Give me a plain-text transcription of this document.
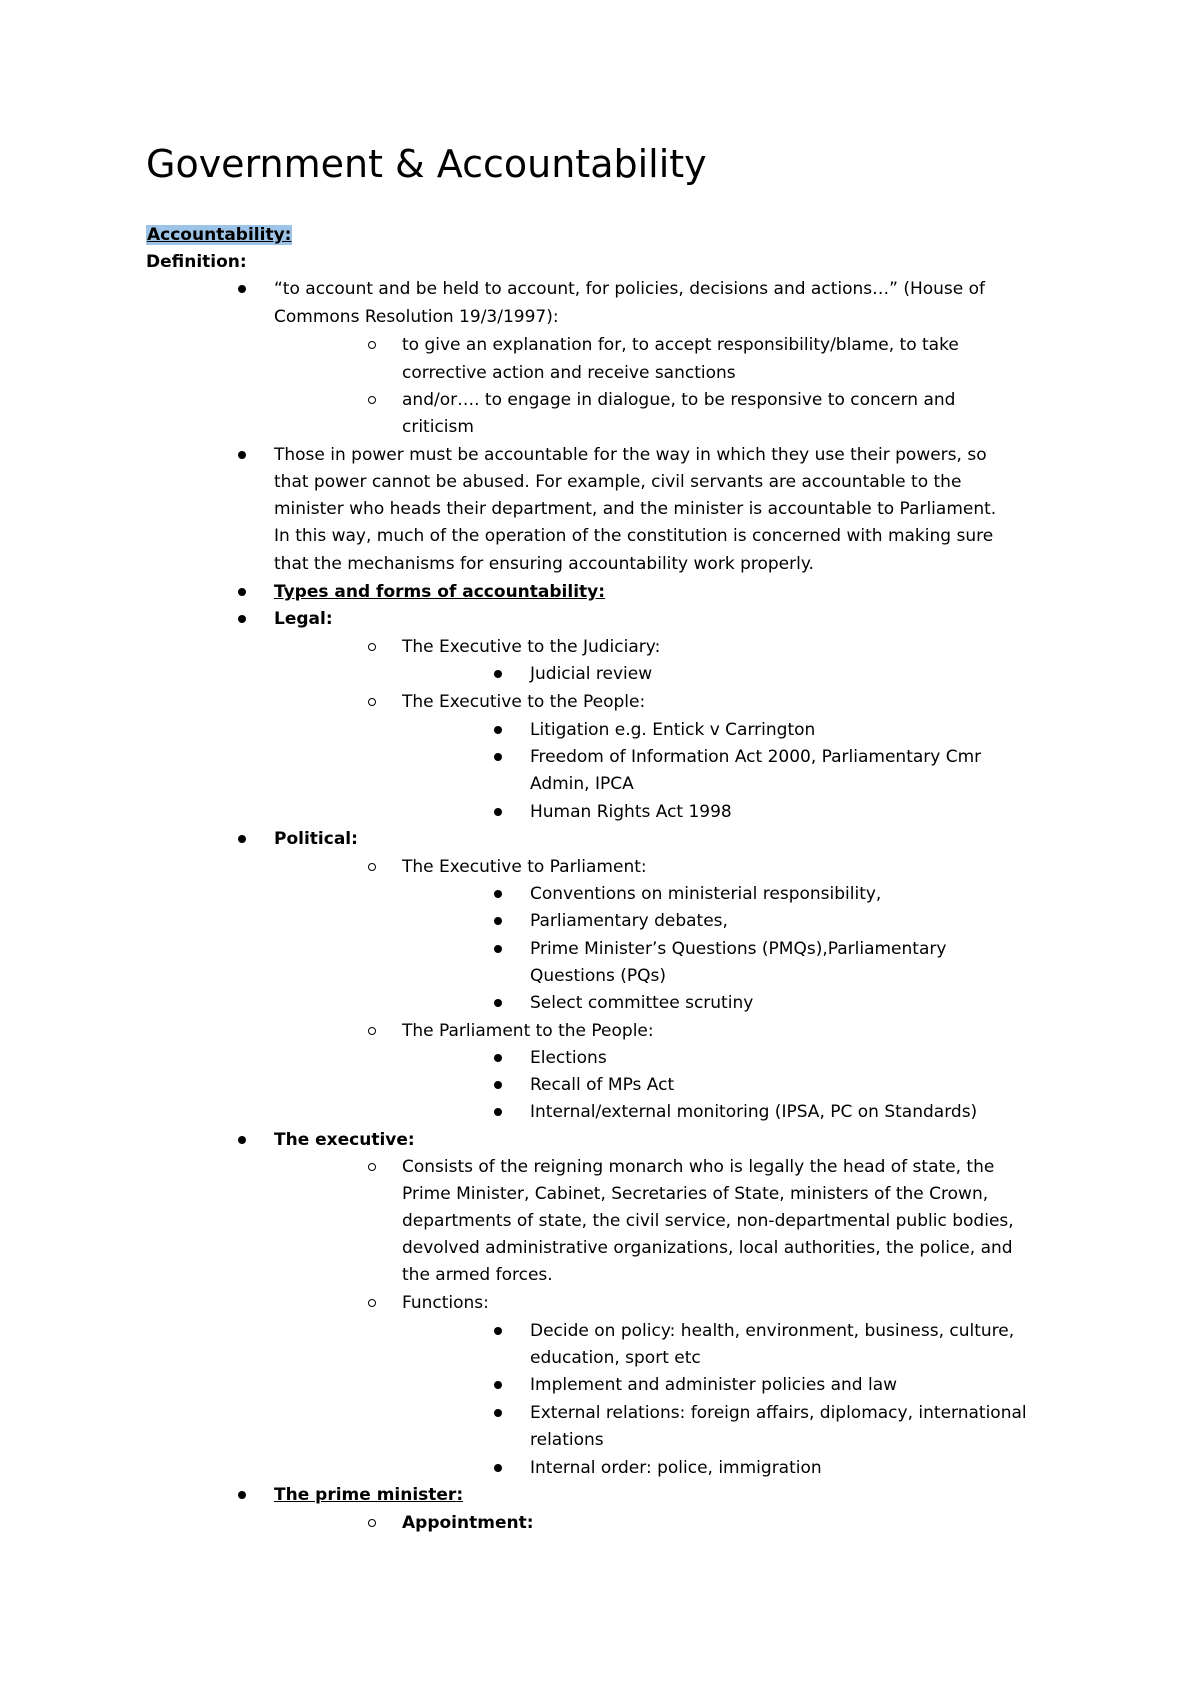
Government & Accountability
Accountability:
Definition:
“to account and be held to account, for policies, decisions and actions…” (House of
Commons Resolution 19/3/1997):
to give an explanation for, to accept responsibility/blame, to take
corrective action and receive sanctions
and/or…. to engage in dialogue, to be responsive to concern and
criticism
Those in power must be accountable for the way in which they use their powers, so
that power cannot be abused. For example, civil servants are accountable to the
minister who heads their department, and the minister is accountable to Parliament.
In this way, much of the operation of the constitution is concerned with making sure
that the mechanisms for ensuring accountability work properly.
Types and forms of accountability:
Legal:
The Executive to the Judiciary:
Judicial review
The Executive to the People:
Litigation e.g. Entick v Carrington
Freedom of Information Act 2000, Parliamentary Cmr
Admin, IPCA
Human Rights Act 1998
Political:
The Executive to Parliament:
Conventions on ministerial responsibility,
Parliamentary debates,
Prime Minister’s Questions (PMQs),Parliamentary
Questions (PQs)
Select committee scrutiny
The Parliament to the People:
Elections
Recall of MPs Act
Internal/external monitoring (IPSA, PC on Standards)
The executive:
Consists of the reigning monarch who is legally the head of state, the
Prime Minister, Cabinet, Secretaries of State, ministers of the Crown,
departments of state, the civil service, non-departmental public bodies,
devolved administrative organizations, local authorities, the police, and
the armed forces.
Functions:
Decide on policy: health, environment, business, culture,
education, sport etc
Implement and administer policies and law
External relations: foreign affairs, diplomacy, international
relations
Internal order: police, immigration
The prime minister:
Appointment:
